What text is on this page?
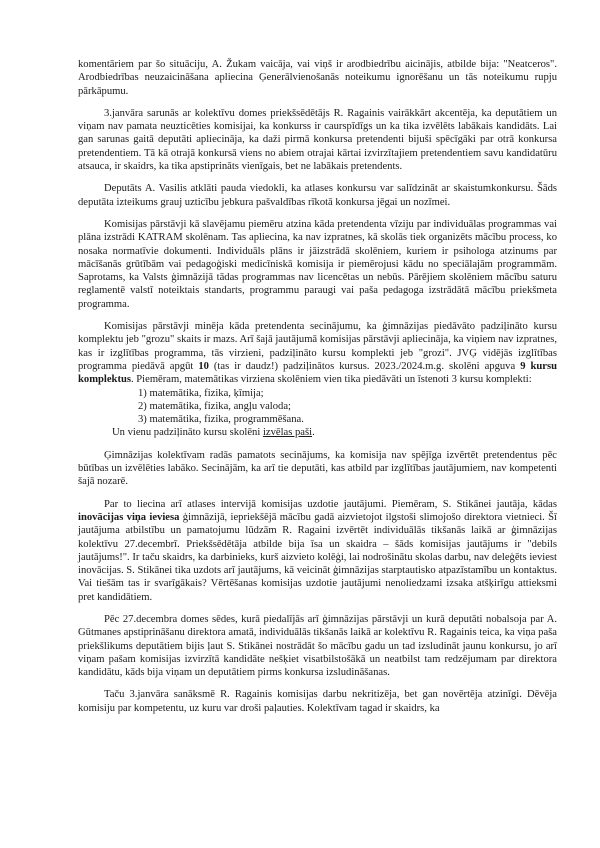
komentāriem par šo situāciju, A. Žukam vaicāja, vai viņš ir arodbiedrību aicinājis, atbilde bija: "Neatceros". Arodbiedrības neuzaicināšana apliecina Ģenerālvienošanās noteikumu ignorēšanu un tās noteikumu rupju pārkāpumu.

3.janvāra sarunās ar kolektīvu domes priekšsēdētājs R. Ragainis vairākkārt akcentēja, ka deputātiem un viņam nav pamata neuzticēties komisijai, ka konkurss ir caurspīdīgs un ka tika izvēlēts labākais kandidāts. Lai gan sarunas gaitā deputāti apliecināja, ka daži pirmā konkursa pretendenti bijuši spēcīgāki par otrā konkursa pretendentiem. Tā kā otrajā konkursā viens no abiem otrajai kārtai izvirzītajiem pretendentiem savu kandidatūru atsauca, ir skaidrs, ka tika apstiprināts vienīgais, bet ne labākais pretendents.

Deputāts A. Vasilis atklāti pauda viedokli, ka atlases konkursu var salīdzināt ar skaistumkonkursu. Šāds deputāta izteikums grauj uzticību jebkura pašvaldības rīkotā konkursa jēgai un nozīmei.

Komisijas pārstāvji kā slavējamu piemēru atzina kāda pretendenta vīziju par individuālas programmas vai plāna izstrādi KATRAM skolēnam. Tas apliecina, ka nav izpratnes, kā skolās tiek organizēts mācību process, ko nosaka normatīvie dokumenti. Individuāls plāns ir jāizstrādā skolēniem, kuriem ir psihologa atzinums par mācīšanās grūtībām vai pedagoģiski medicīniskā komisija ir piemērojusi kādu no speciālajām programmām. Saprotams, ka Valsts ģimnāzijā tādas programmas nav licencētas un nebūs. Pārējiem skolēniem mācību saturu reglamentē valstī noteiktais standarts, programmu paraugi vai paša pedagoga izstrādātā mācību priekšmeta programma.

Komisijas pārstāvji minēja kāda pretendenta secinājumu, ka ģimnāzijas piedāvāto padziļināto kursu komplektu jeb "grozu" skaits ir mazs. Arī šajā jautājumā komisijas pārstāvji apliecināja, ka viņiem nav izpratnes, kas ir izglītības programma, tās virzieni, padziļināto kursu komplekti jeb "grozi". JVĢ vidējās izglītības programma piedāvā apgūt 10 (tas ir daudz!) padziļinātos kursus. 2023./2024.m.g. skolēni apguva 9 kursu komplektus. Piemēram, matemātikas virziena skolēniem vien tika piedāvāti un īstenoti 3 kursu komplekti:

1) matemātika, fizika, ķīmija;
2) matemātika, fizika, angļu valoda;
3) matemātika, fizika, programmēšana.
Un vienu padziļināto kursu skolēni izvēlas paši.

Ģimnāzijas kolektīvam radās pamatots secinājums, ka komisija nav spējīga izvērtēt pretendentus pēc būtības un izvēlēties labāko. Secinājām, ka arī tie deputāti, kas atbild par izglītības jautājumiem, nav kompetenti šajā nozarē.

Par to liecina arī atlases intervijā komisijas uzdotie jautājumi. Piemēram, S. Stikānei jautāja, kādas inovācijas viņa ieviesa ģimnāzijā, iepriekšējā mācību gadā aizvietojot ilgstoši slimojošo direktora vietnieci. Šī jautājuma atbilstību un pamatojumu lūdzām R. Ragaini izvērtēt individuālās tikšanās laikā ar ģimnāzijas kolektīvu 27.decembrī. Priekšsēdētāja atbilde bija īsa un skaidra – šāds komisijas jautājums ir "debils jautājums!". Ir taču skaidrs, ka darbinieks, kurš aizvieto kolēģi, lai nodrošinātu skolas darbu, nav deleģēts ieviest inovācijas. S. Stikānei tika uzdots arī jautājums, kā veicināt ģimnāzijas starptautisko atpazīstamību un kontaktus. Vai tiešām tas ir svarīgākais? Vērtēšanas komisijas uzdotie jautājumi nenoliedzami izsaka atšķirīgu attieksmi pret kandidātiem.

Pēc 27.decembra domes sēdes, kurā piedalījās arī ģimnāzijas pārstāvji un kurā deputāti nobalsoja par A. Gūtmanes apstiprināšanu direktora amatā, individuālās tikšanās laikā ar kolektīvu R. Ragainis teica, ka viņa paša priekšlikums deputātiem bijis ļaut S. Stikānei nostrādāt šo mācību gadu un tad izsludināt jaunu konkursu, jo arī viņam pašam komisijas izvirzītā kandidāte nešķiet visatbilstošākā un neatbilst tam redzējumam par direktora kandidātu, kāds bija viņam un deputātiem pirms konkursa izsludināšanas.

Taču 3.janvāra sanāksmē R. Ragainis komisijas darbu nekritizēja, bet gan novērtēja atzinīgi. Dēvēja komisiju par kompetentu, uz kuru var droši paļauties. Kolektīvam tagad ir skaidrs, ka
